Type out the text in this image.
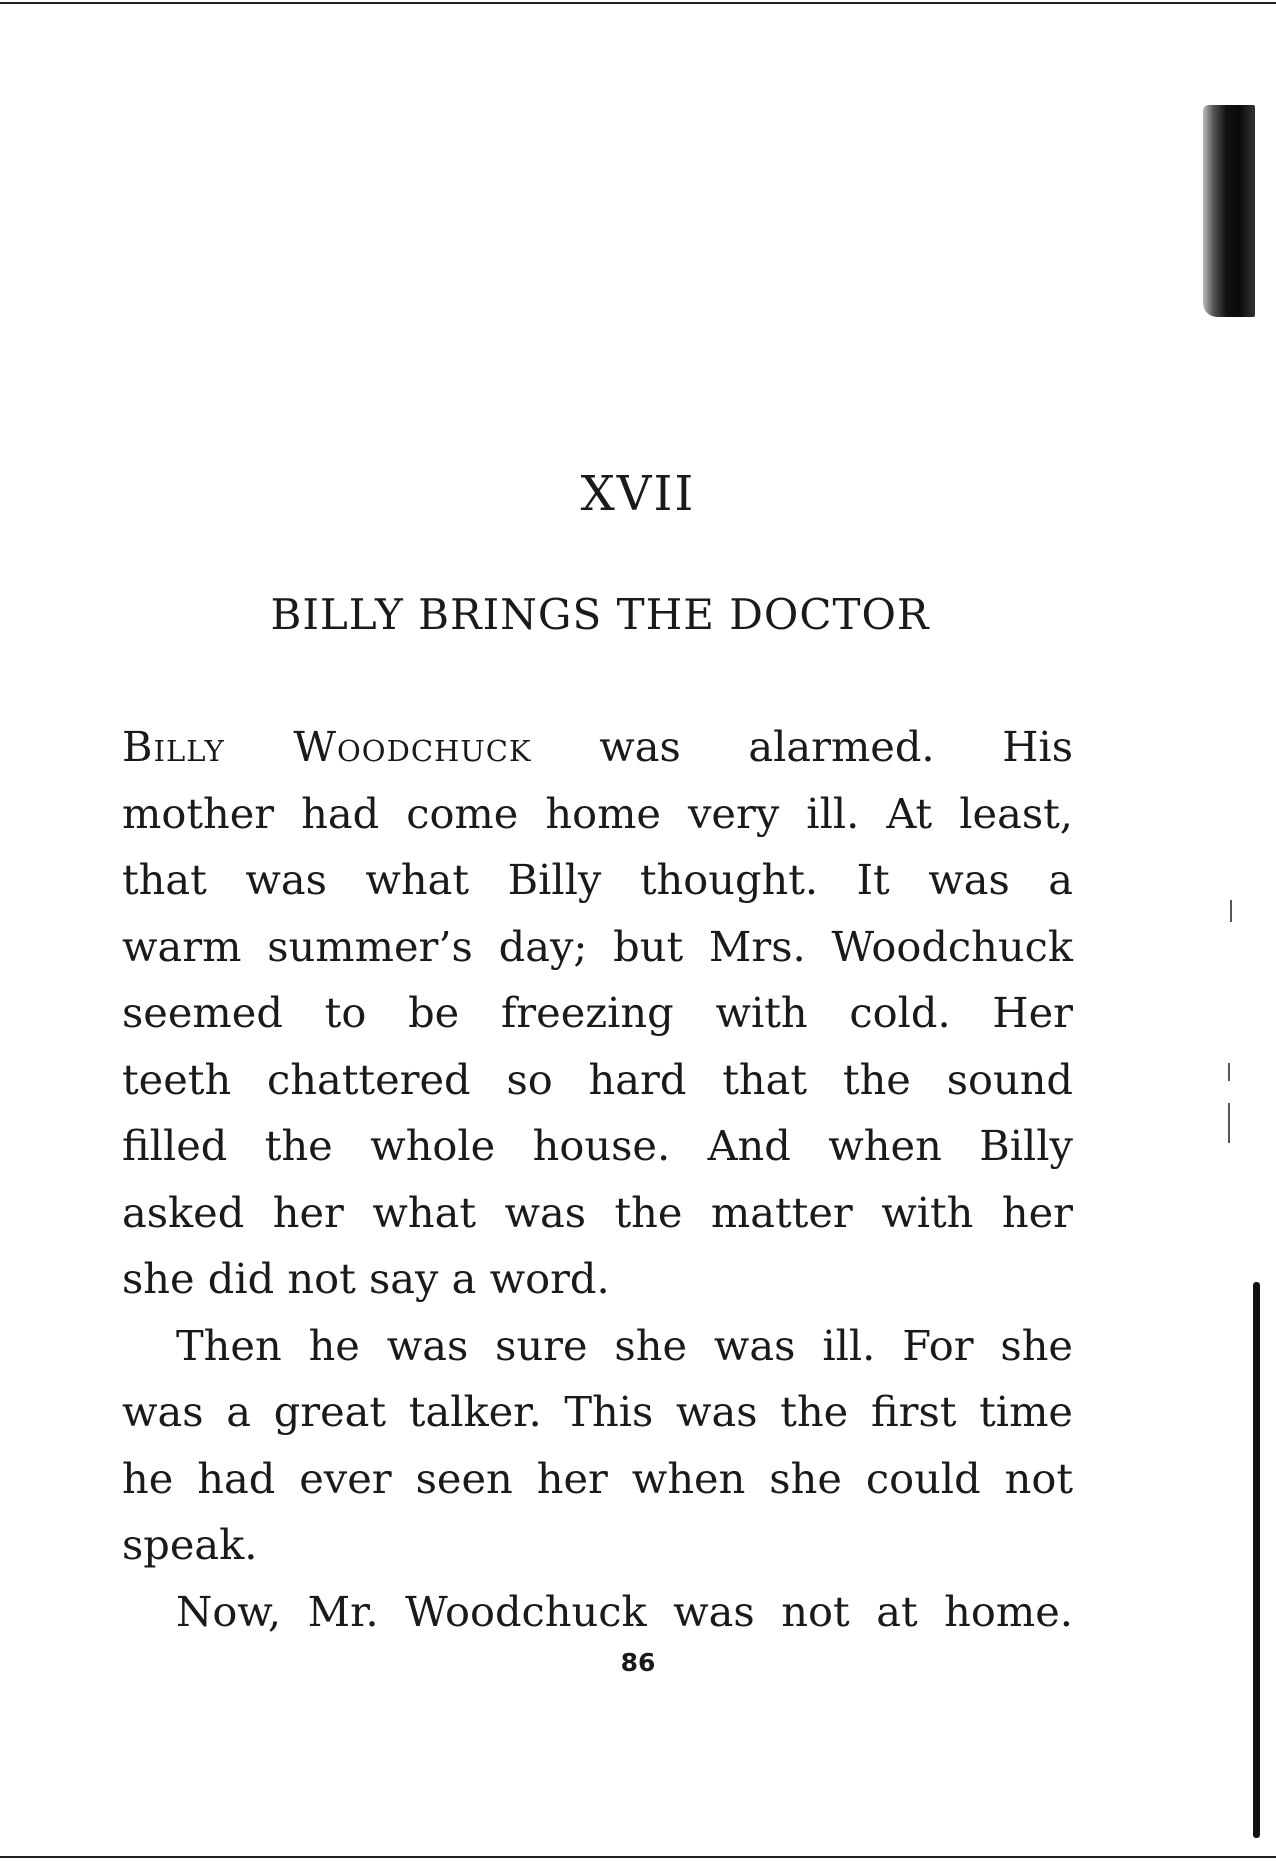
XVII
BILLY BRINGS THE DOCTOR

Billy Woodchuck was alarmed. His
mother had come home very ill. At least,
that was what Billy thought. It was a
warm summer’s day; but Mrs. Woodchuck
seemed to be freezing with cold. Her
teeth chattered so hard that the sound
filled the whole house. And when Billy
asked her what was the matter with her
she did not say a word.

Then he was sure she was ill. For she
was a great talker. This was the first time
he had ever seen her when she could not
speak.

Now, Mr. Woodchuck was not at home.

86
